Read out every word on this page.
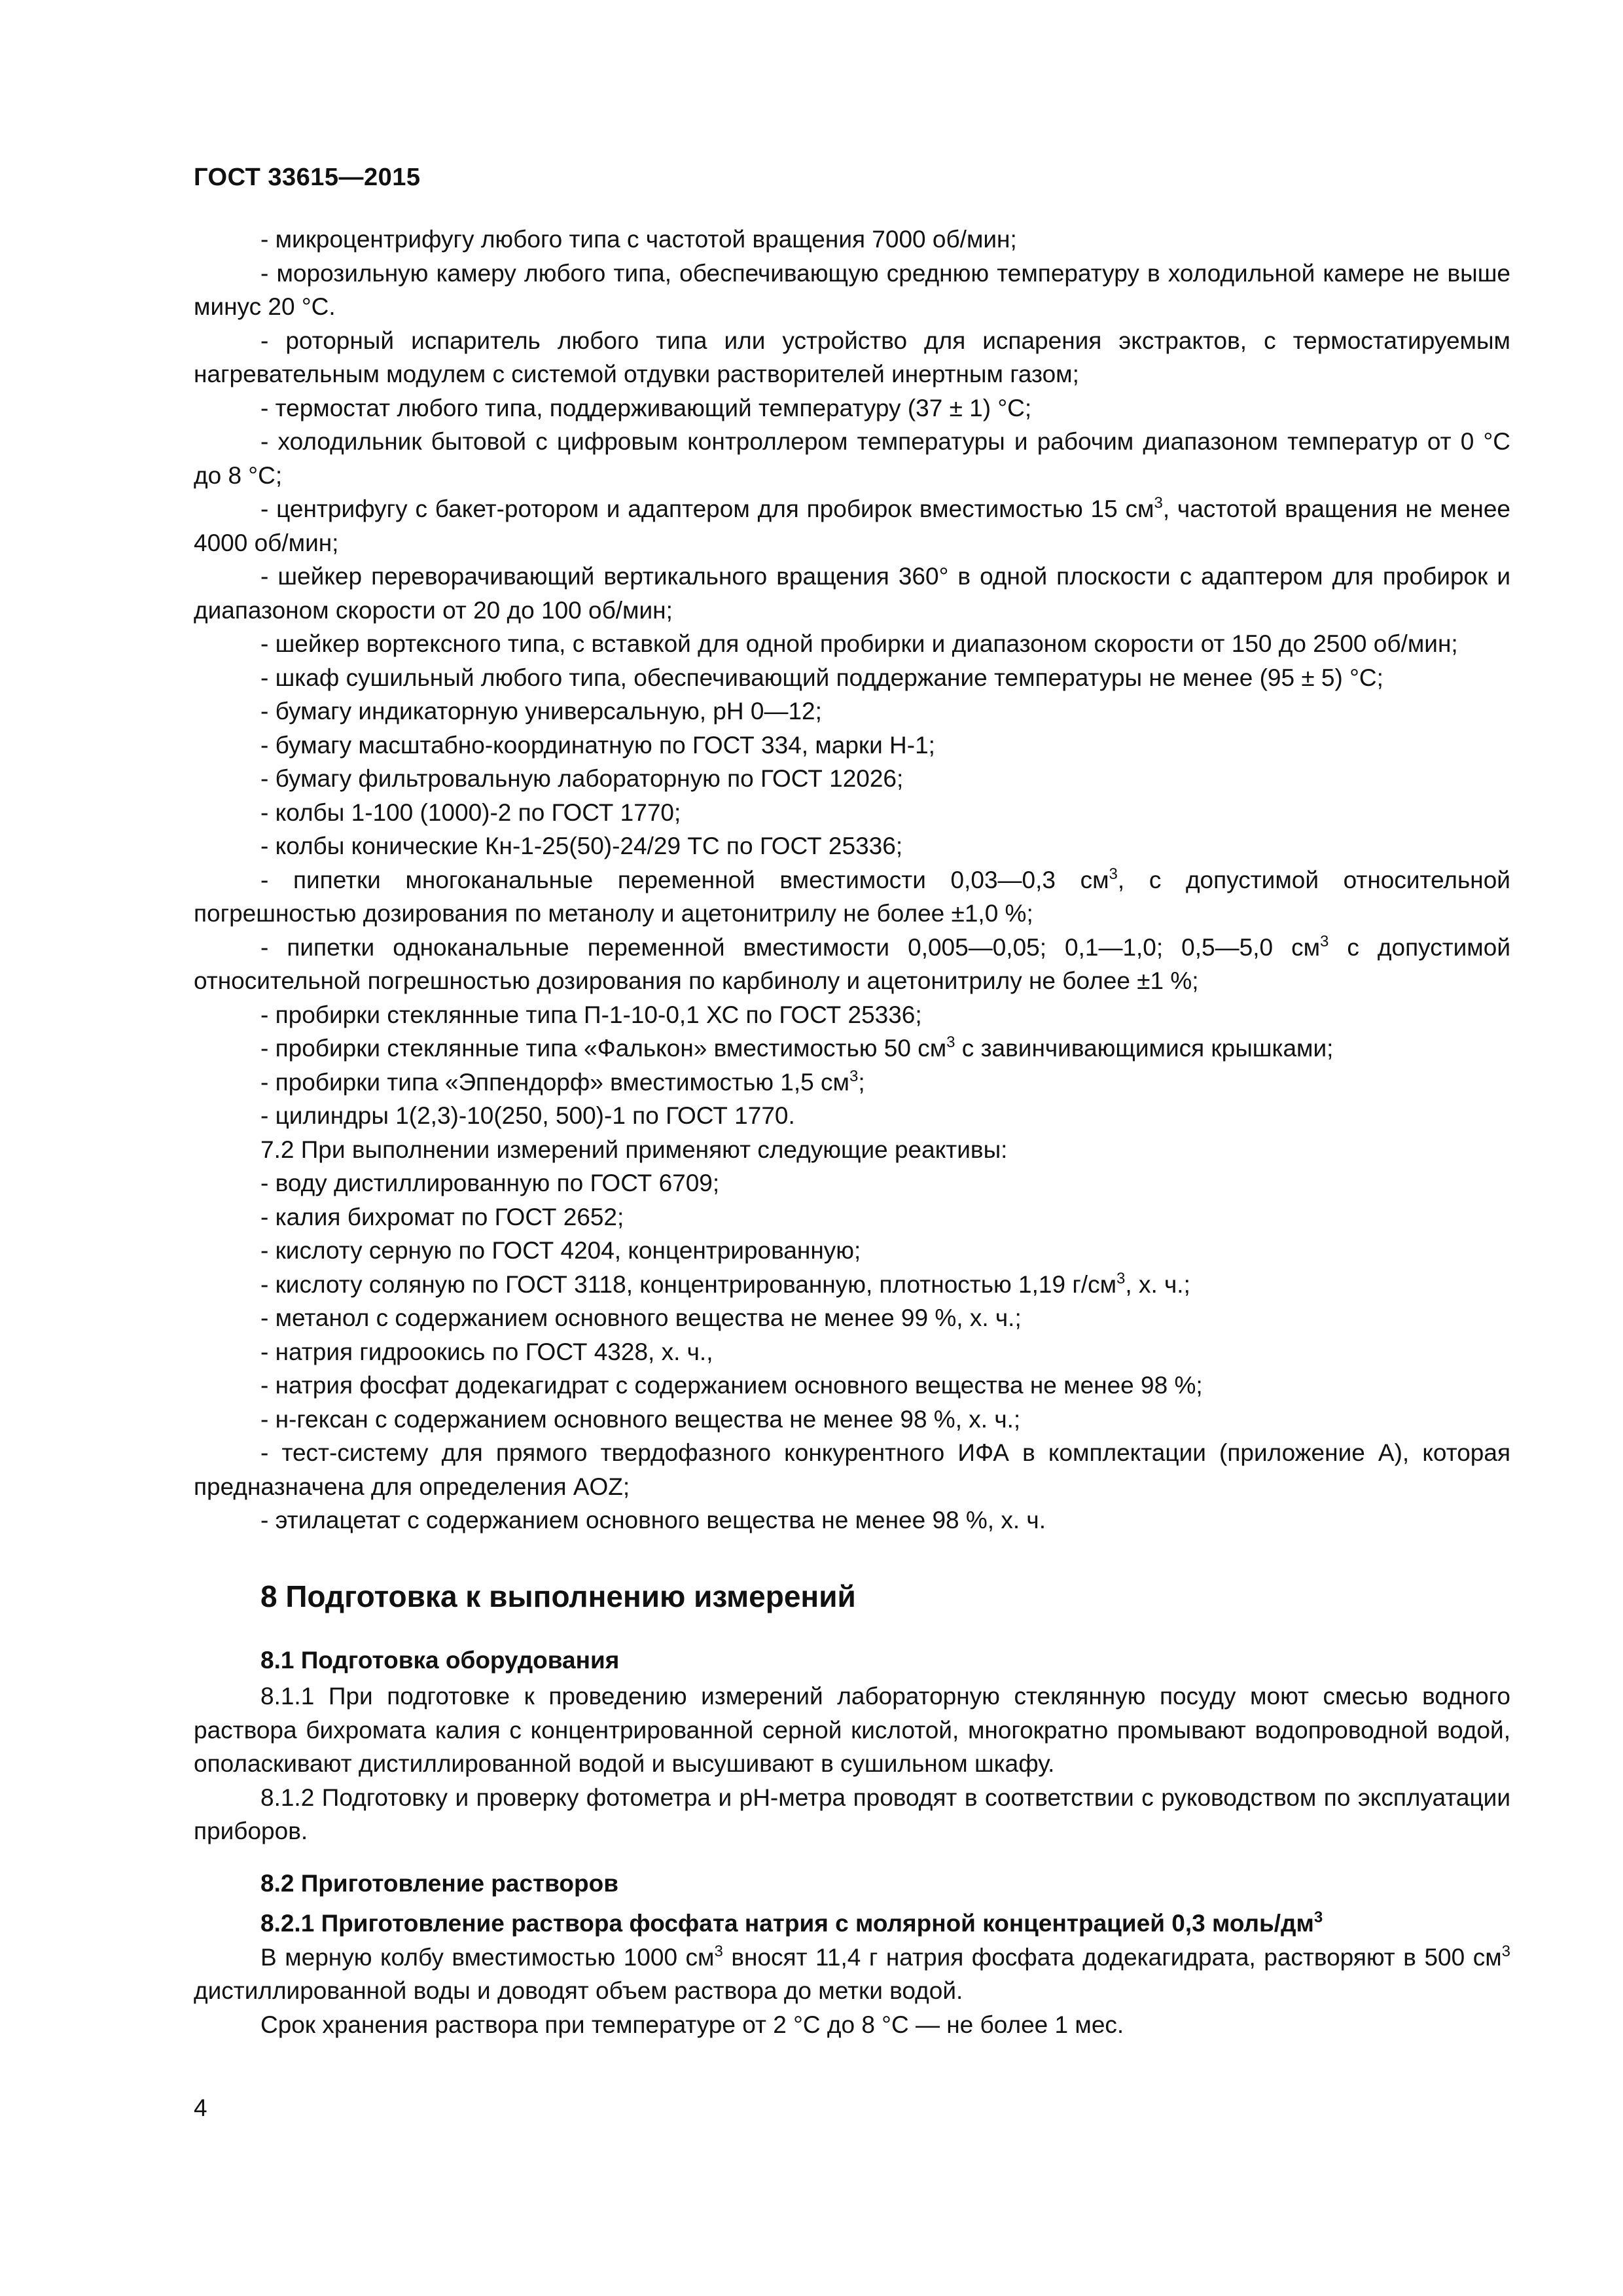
ГОСТ 33615—2015

- микроцентрифугу любого типа с частотой вращения 7000 об/мин;

- морозильную камеру любого типа, обеспечивающую среднюю температуру в холодильной камере не выше минус 20 °C.

- роторный испаритель любого типа или устройство для испарения экстрактов, с термостатируемым нагревательным модулем с системой отдувки растворителей инертным газом;

- термостат любого типа, поддерживающий температуру (37 ± 1) °C;

- холодильник бытовой с цифровым контроллером температуры и рабочим диапазоном температур от 0 °C до 8 °C;

- центрифугу с бакет-ротором и адаптером для пробирок вместимостью 15 $см^3$, частотой вращения не менее 4000 об/мин;

- шейкер переворачивающий вертикального вращения 360° в одной плоскости с адаптером для пробирок и диапазоном скорости от 20 до 100 об/мин;

- шейкер вортексного типа, с вставкой для одной пробирки и диапазоном скорости от 150 до 2500 об/мин;

- шкаф сушильный любого типа, обеспечивающий поддержание температуры не менее (95 ± 5) °C;

- бумагу индикаторную универсальную, pH 0—12;

- бумагу масштабно-координатную по ГОСТ 334, марки Н-1;

- бумагу фильтровальную лабораторную по ГОСТ 12026;

- колбы 1-100 (1000)-2 по ГОСТ 1770;

- колбы конические Кн-1-25(50)-24/29 ТС по ГОСТ 25336;

- пипетки многоканальные переменной вместимости 0,03—0,3 $см^3$, с допустимой относительной погрешностью дозирования по метанолу и ацетонитрилу не более ±1,0 %;

- пипетки одноканальные переменной вместимости 0,005—0,05; 0,1—1,0; 0,5—5,0 $см^3$ с допустимой относительной погрешностью дозирования по карбинолу и ацетонитрилу не более ±1 %;

- пробирки стеклянные типа П-1-10-0,1 ХС по ГОСТ 25336;

- пробирки стеклянные типа «Фалькон» вместимостью 50 $см^3$ с завинчивающимися крышками;

- пробирки типа «Эппендорф» вместимостью 1,5 $см^3$;

- цилиндры 1(2,3)-10(250, 500)-1 по ГОСТ 1770.

7.2 При выполнении измерений применяют следующие реактивы:

- воду дистиллированную по ГОСТ 6709;

- калия бихромат по ГОСТ 2652;

- кислоту серную по ГОСТ 4204, концентрированную;

- кислоту соляную по ГОСТ 3118, концентрированную, плотностью 1,19 $г/см^3$, х. ч.;

- метанол с содержанием основного вещества не менее 99 %, х. ч.;

- натрия гидроокись по ГОСТ 4328, х. ч.,

- натрия фосфат додекагидрат с содержанием основного вещества не менее 98 %;

- н-гексан с содержанием основного вещества не менее 98 %, х. ч.;

- тест-систему для прямого твердофазного конкурентного ИФА в комплектации (приложение А), которая предназначена для определения AOZ;

- этилацетат с содержанием основного вещества не менее 98 %, х. ч.

8 Подготовка к выполнению измерений
8.1 Подготовка оборудования

8.1.1 При подготовке к проведению измерений лабораторную стеклянную посуду моют смесью водного раствора бихромата калия с концентрированной серной кислотой, многократно промывают водопроводной водой, ополаскивают дистиллированной водой и высушивают в сушильном шкафу.

8.1.2 Подготовку и проверку фотометра и pH-метра проводят в соответствии с руководством по эксплуатации приборов.

8.2 Приготовление растворов
8.2.1 Приготовление раствора фосфата натрия с молярной концентрацией 0,3 моль/$дм^3$

В мерную колбу вместимостью 1000 $см^3$ вносят 11,4 г натрия фосфата додекагидрата, растворяют в 500 $см^3$ дистиллированной воды и доводят объем раствора до метки водой.

Срок хранения раствора при температуре от 2 °C до 8 °C — не более 1 мес.

4
